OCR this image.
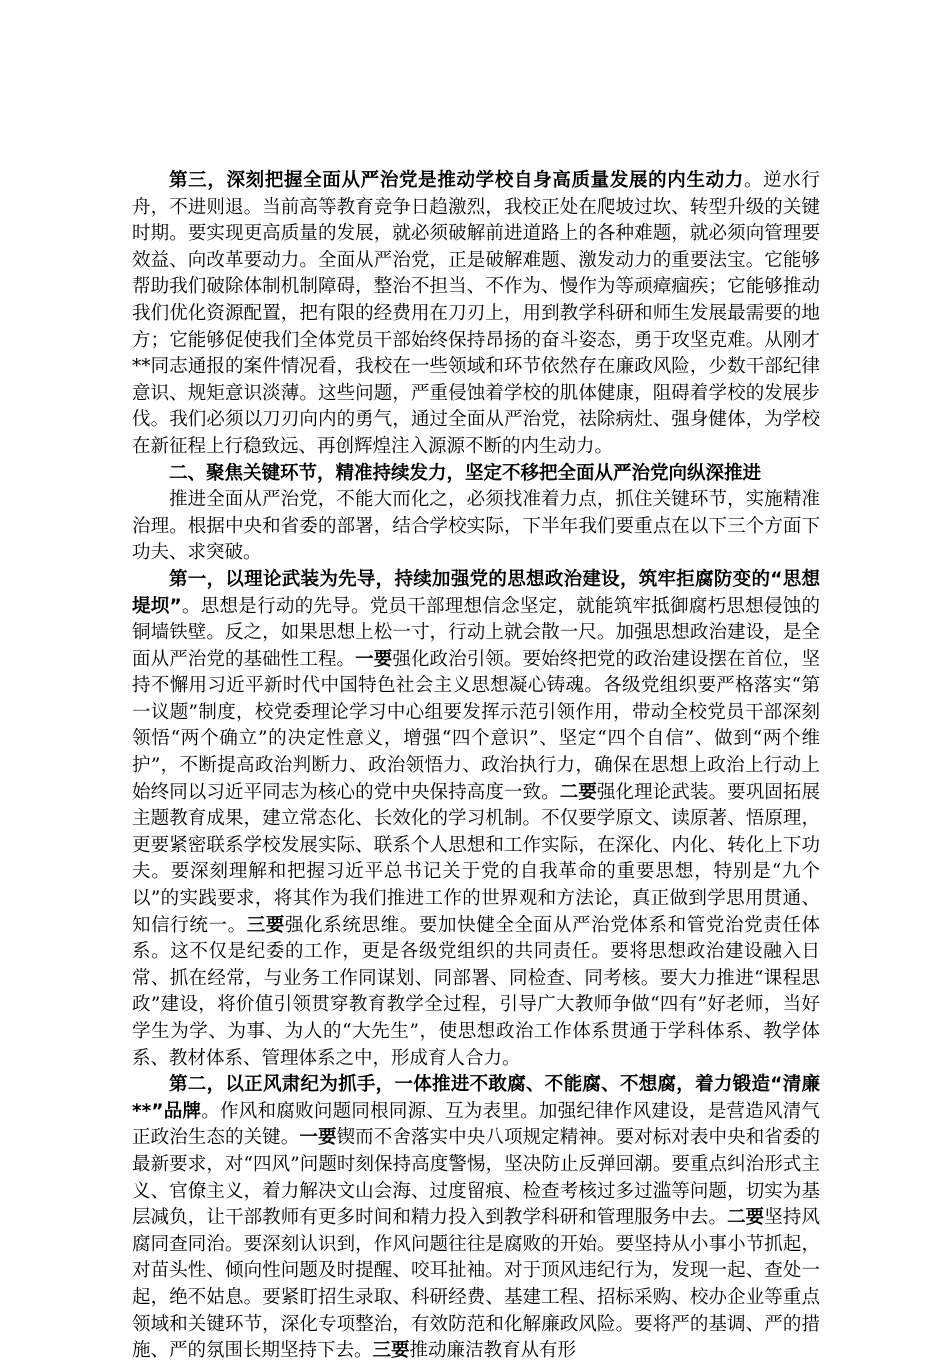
第三，深刻把握全面从严治党是推动学校自身高质量发展的内生动力。逆水行舟，不进则退。当前高等教育竞争日趋激烈，我校正处在爬坡过坎、转型升级的关键时期。要实现更高质量的发展，就必须破解前进道路上的各种难题，就必须向管理要效益、向改革要动力。全面从严治党，正是破解难题、激发动力的重要法宝。它能够帮助我们破除体制机制障碍，整治不担当、不作为、慢作为等顽瘴痼疾；它能够推动我们优化资源配置，把有限的经费用在刀刃上，用到教学科研和师生发展最需要的地方；它能够促使我们全体党员干部始终保持昂扬的奋斗姿态，勇于攻坚克难。从刚才**同志通报的案件情况看，我校在一些领域和环节依然存在廉政风险，少数干部纪律意识、规矩意识淡薄。这些问题，严重侵蚀着学校的肌体健康，阻碍着学校的发展步伐。我们必须以刀刃向内的勇气，通过全面从严治党，祛除病灶、强身健体，为学校在新征程上行稳致远、再创辉煌注入源源不断的内生动力。

二、聚焦关键环节，精准持续发力，坚定不移把全面从严治党向纵深推进

推进全面从严治党，不能大而化之，必须找准着力点，抓住关键环节，实施精准治理。根据中央和省委的部署，结合学校实际，下半年我们要重点在以下三个方面下功夫、求突破。

第一，以理论武装为先导，持续加强党的思想政治建设，筑牢拒腐防变的“思想堤坝”。思想是行动的先导。党员干部理想信念坚定，就能筑牢抵御腐朽思想侵蚀的铜墙铁壁。反之，如果思想上松一寸，行动上就会散一尺。加强思想政治建设，是全面从严治党的基础性工程。一要强化政治引领。要始终把党的政治建设摆在首位，坚持不懈用习近平新时代中国特色社会主义思想凝心铸魂。各级党组织要严格落实“第一议题”制度，校党委理论学习中心组要发挥示范引领作用，带动全校党员干部深刻领悟“两个确立”的决定性意义，增强“四个意识”、坚定“四个自信”、做到“两个维护”，不断提高政治判断力、政治领悟力、政治执行力，确保在思想上政治上行动上始终同以习近平同志为核心的党中央保持高度一致。二要强化理论武装。要巩固拓展主题教育成果，建立常态化、长效化的学习机制。不仅要学原文、读原著、悟原理，更要紧密联系学校发展实际、联系个人思想和工作实际，在深化、内化、转化上下功夫。要深刻理解和把握习近平总书记关于党的自我革命的重要思想，特别是“九个以”的实践要求，将其作为我们推进工作的世界观和方法论，真正做到学思用贯通、知信行统一。三要强化系统思维。要加快健全全面从严治党体系和管党治党责任体系。这不仅是纪委的工作，更是各级党组织的共同责任。要将思想政治建设融入日常、抓在经常，与业务工作同谋划、同部署、同检查、同考核。要大力推进“课程思政”建设，将价值引领贯穿教育教学全过程，引导广大教师争做“四有”好老师，当好学生为学、为事、为人的“大先生”，使思想政治工作体系贯通于学科体系、教学体系、教材体系、管理体系之中，形成育人合力。

第二，以正风肃纪为抓手，一体推进不敢腐、不能腐、不想腐，着力锻造“清廉**”品牌。作风和腐败问题同根同源、互为表里。加强纪律作风建设，是营造风清气正政治生态的关键。一要锲而不舍落实中央八项规定精神。要对标对表中央和省委的最新要求，对“四风”问题时刻保持高度警惕，坚决防止反弹回潮。要重点纠治形式主义、官僚主义，着力解决文山会海、过度留痕、检查考核过多过滥等问题，切实为基层减负，让干部教师有更多时间和精力投入到教学科研和管理服务中去。二要坚持风腐同查同治。要深刻认识到，作风问题往往是腐败的开始。要坚持从小事小节抓起，对苗头性、倾向性问题及时提醒、咬耳扯袖。对于顶风违纪行为，发现一起、查处一起，绝不姑息。要紧盯招生录取、科研经费、基建工程、招标采购、校办企业等重点领域和关键环节，深化专项整治，有效防范和化解廉政风险。要将严的基调、严的措施、严的氛围长期坚持下去。三要推动廉洁教育从有形
